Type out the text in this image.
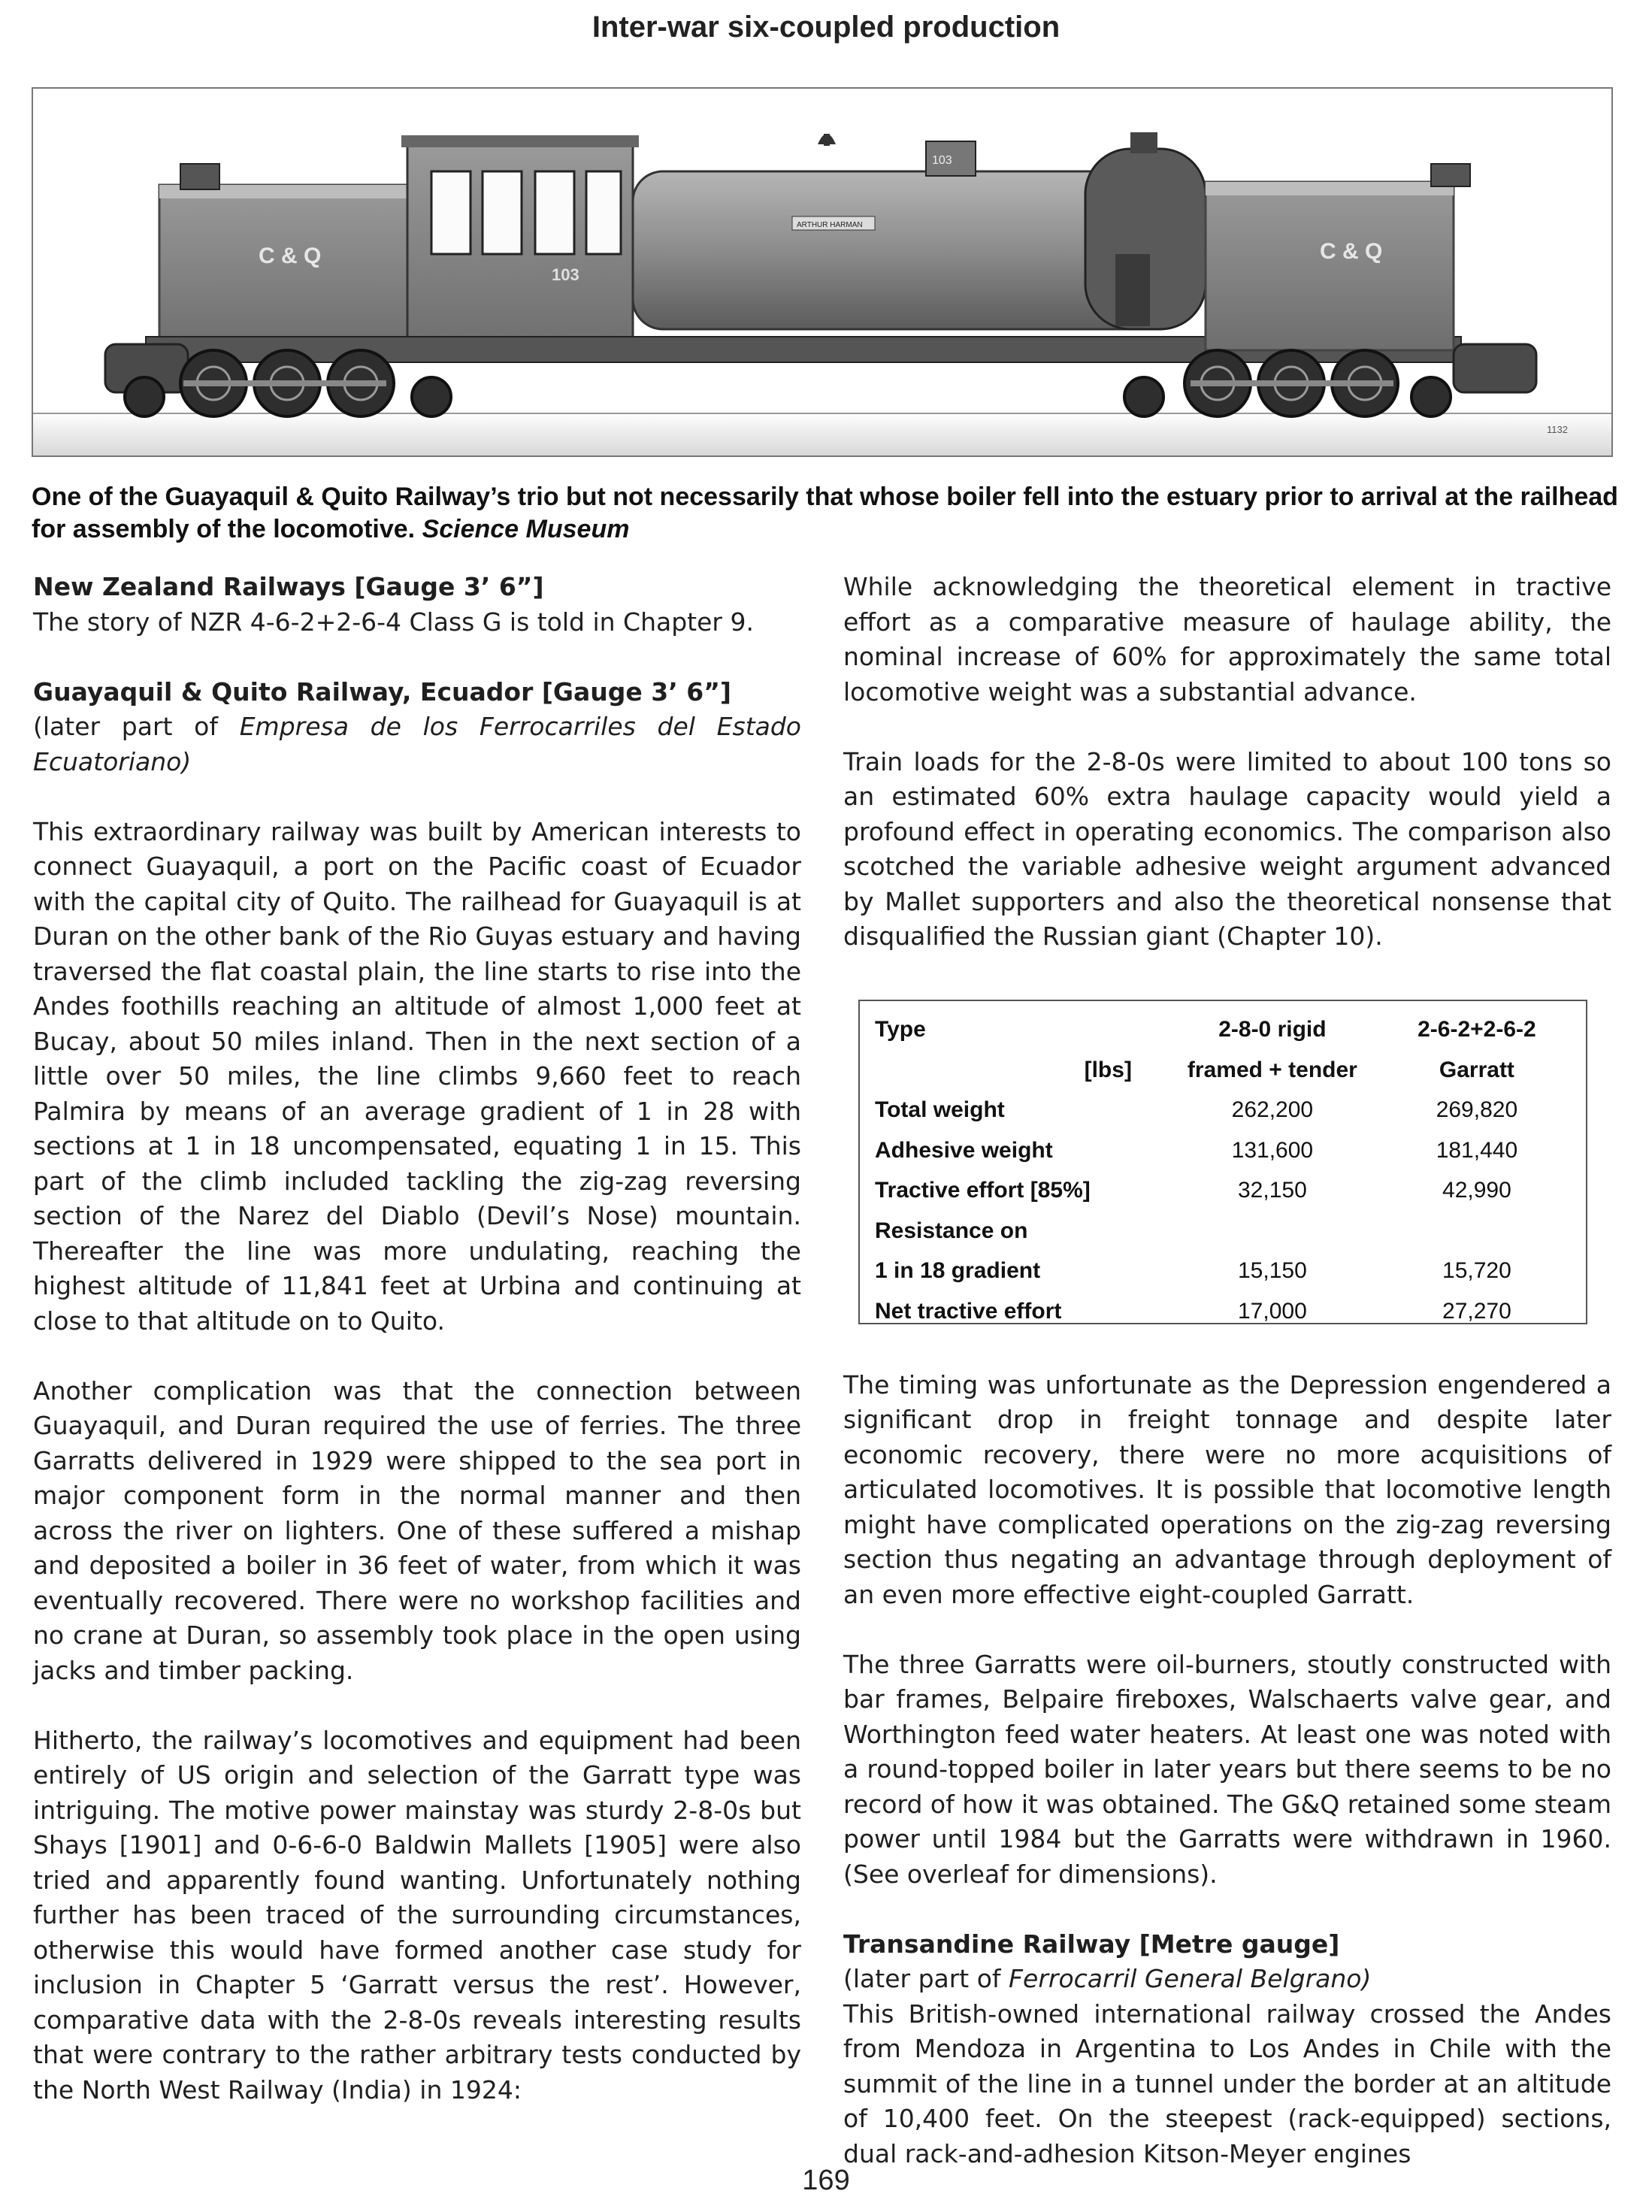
Inter-war six-coupled production
C & Q
103
ARTHUR HARMAN
103
C & Q
1132
One of the Guayaquil & Quito Railway’s trio but not necessarily that whose boiler fell into the estuary prior to arrival at the railhead for assembly of the locomotive. Science Museum

New Zealand Railways [Gauge 3’ 6”]
The story of NZR 4-6-2+2-6-4 Class G is told in Chapter 9.

Guayaquil & Quito Railway, Ecuador [Gauge 3’ 6”]
(later part of Empresa de los Ferrocarriles del Estado Ecuatoriano)

This extraordinary railway was built by American interests to connect Guayaquil, a port on the Pacific coast of Ecuador with the capital city of Quito. The railhead for Guayaquil is at Duran on the other bank of the Rio Guyas estuary and having traversed the flat coastal plain, the line starts to rise into the Andes foothills reaching an altitude of almost 1,000 feet at Bucay, about 50 miles inland. Then in the next section of a little over 50 miles, the line climbs 9,660 feet to reach Palmira by means of an average gradient of 1 in 28 with sections at 1 in 18 uncompensated, equating 1 in 15. This part of the climb included tackling the zig-zag reversing section of the Narez del Diablo (Devil’s Nose) mountain. Thereafter the line was more undulating, reaching the highest altitude of 11,841 feet at Urbina and continuing at close to that altitude on to Quito.

Another complication was that the connection between Guayaquil, and Duran required the use of ferries. The three Garratts delivered in 1929 were shipped to the sea port in major component form in the normal manner and then across the river on lighters. One of these suffered a mishap and deposited a boiler in 36 feet of water, from which it was eventually recovered. There were no workshop facilities and no crane at Duran, so assembly took place in the open using jacks and timber packing.

Hitherto, the railway’s locomotives and equipment had been entirely of US origin and selection of the Garratt type was intriguing. The motive power mainstay was sturdy 2-8-0s but Shays [1901] and 0-6-6-0 Baldwin Mallets [1905] were also tried and apparently found wanting. Unfortunately nothing further has been traced of the surrounding circumstances, otherwise this would have formed another case study for inclusion in Chapter 5 ‘Garratt versus the rest’. However, comparative data with the 2-8-0s reveals interesting results that were contrary to the rather arbitrary tests conducted by the North West Railway (India) in 1924:

While acknowledging the theoretical element in tractive effort as a comparative measure of haulage ability, the nominal increase of 60% for approximately the same total locomotive weight was a substantial advance.

Train loads for the 2-8-0s were limited to about 100 tons so an estimated 60% extra haulage capacity would yield a profound effect in operating economics. The comparison also scotched the variable adhesive weight argument advanced by Mallet supporters and also the theoretical nonsense that disqualified the Russian giant (Chapter 10).

Type	2-8-0 rigid	2-6-2+2-6-2
[lbs]	framed + tender	Garratt
Total weight	262,200	269,820
Adhesive weight	131,600	181,440
Tractive effort [85%]	32,150	42,990
Resistance on		
1 in 18 gradient	15,150	15,720
Net tractive effort	17,000	27,270

The timing was unfortunate as the Depression engendered a significant drop in freight tonnage and despite later economic recovery, there were no more acquisitions of articulated locomotives. It is possible that locomotive length might have complicated operations on the zig-zag reversing section thus negating an advantage through deployment of an even more effective eight-coupled Garratt.

The three Garratts were oil-burners, stoutly constructed with bar frames, Belpaire fireboxes, Walschaerts valve gear, and Worthington feed water heaters. At least one was noted with a round-topped boiler in later years but there seems to be no record of how it was obtained. The G&Q retained some steam power until 1984 but the Garratts were withdrawn in 1960. (See overleaf for dimensions).

Transandine Railway [Metre gauge]
(later part of Ferrocarril General Belgrano)

This British-owned international railway crossed the Andes from Mendoza in Argentina to Los Andes in Chile with the summit of the line in a tunnel under the border at an altitude of 10,400 feet. On the steepest (rack-equipped) sections, dual rack-and-adhesion Kitson-Meyer engines

169
